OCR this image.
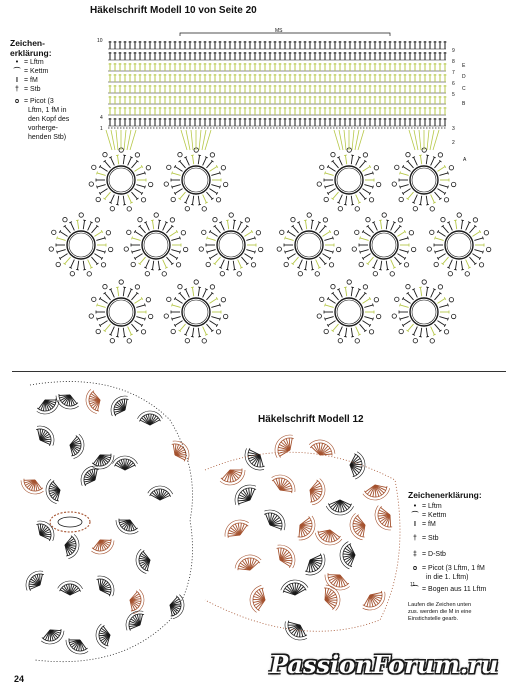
Häkelschrift Modell 10 von Seite 20
Zeichen-
erklärung:
• = Lftm
⌒ = Kettm
I = fM
† = Stb
ᴑ = Picot (3
Lftm, 1 fM in
den Kopf des
vorherge-
henden Stb)
10
4
1
MS
E
D
C
B
A
9
8
7
6
5
3
2
Häkelschrift Modell 12
Zeichenerklärung:
• = Lftm
⌒ = Kettm
I = fM
† = Stb
‡ = D-Stb
ᴑ = Picot (3 Lftm, 1 fM
in die 1. Lftm)
11
⌒ = Bogen aus 11 Lftm
Laufen die Zeichen unten
zus. werden die M in eine
Einstichstelle gearb.
24	PassionForum.ru
